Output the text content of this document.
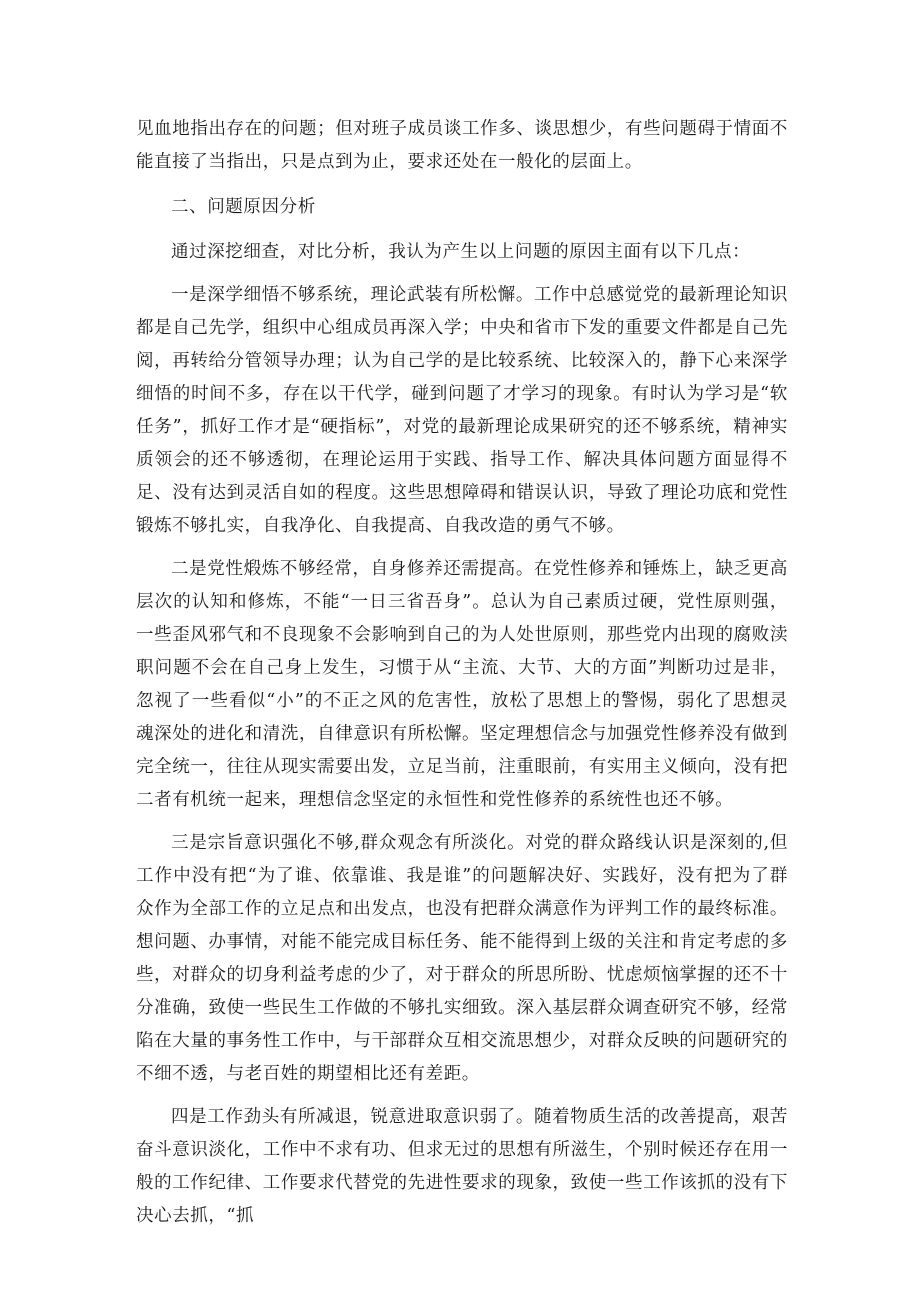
见血地指出存在的问题；但对班子成员谈工作多、谈思想少，有些问题碍于情面不能直接了当指出，只是点到为止，要求还处在一般化的层面上。

二、问题原因分析

通过深挖细查，对比分析，我认为产生以上问题的原因主面有以下几点：

一是深学细悟不够系统，理论武装有所松懈。工作中总感觉党的最新理论知识都是自己先学，组织中心组成员再深入学；中央和省市下发的重要文件都是自己先阅，再转给分管领导办理；认为自己学的是比较系统、比较深入的，静下心来深学细悟的时间不多，存在以干代学，碰到问题了才学习的现象。有时认为学习是“软任务”，抓好工作才是“硬指标”，对党的最新理论成果研究的还不够系统，精神实质领会的还不够透彻，在理论运用于实践、指导工作、解决具体问题方面显得不足、没有达到灵活自如的程度。这些思想障碍和错误认识，导致了理论功底和党性锻炼不够扎实，自我净化、自我提高、自我改造的勇气不够。

二是党性煅炼不够经常，自身修养还需提高。在党性修养和锤炼上，缺乏更高层次的认知和修炼，不能“一日三省吾身”。总认为自己素质过硬，党性原则强，一些歪风邪气和不良现象不会影响到自己的为人处世原则，那些党内出现的腐败渎职问题不会在自己身上发生，习惯于从“主流、大节、大的方面”判断功过是非，忽视了一些看似“小”的不正之风的危害性，放松了思想上的警惕，弱化了思想灵魂深处的进化和清洗，自律意识有所松懈。坚定理想信念与加强党性修养没有做到完全统一，往往从现实需要出发，立足当前，注重眼前，有实用主义倾向，没有把二者有机统一起来，理想信念坚定的永恒性和党性修养的系统性也还不够。

三是宗旨意识强化不够,群众观念有所淡化。对党的群众路线认识是深刻的,但工作中没有把“为了谁、依靠谁、我是谁”的问题解决好、实践好，没有把为了群众作为全部工作的立足点和出发点，也没有把群众满意作为评判工作的最终标准。想问题、办事情，对能不能完成目标任务、能不能得到上级的关注和肯定考虑的多些，对群众的切身利益考虑的少了，对于群众的所思所盼、忧虑烦恼掌握的还不十分准确，致使一些民生工作做的不够扎实细致。深入基层群众调查研究不够，经常陷在大量的事务性工作中，与干部群众互相交流思想少，对群众反映的问题研究的不细不透，与老百姓的期望相比还有差距。

四是工作劲头有所减退，锐意进取意识弱了。随着物质生活的改善提高，艰苦奋斗意识淡化，工作中不求有功、但求无过的思想有所滋生，个别时候还存在用一般的工作纪律、工作要求代替党的先进性要求的现象，致使一些工作该抓的没有下决心去抓，“抓
